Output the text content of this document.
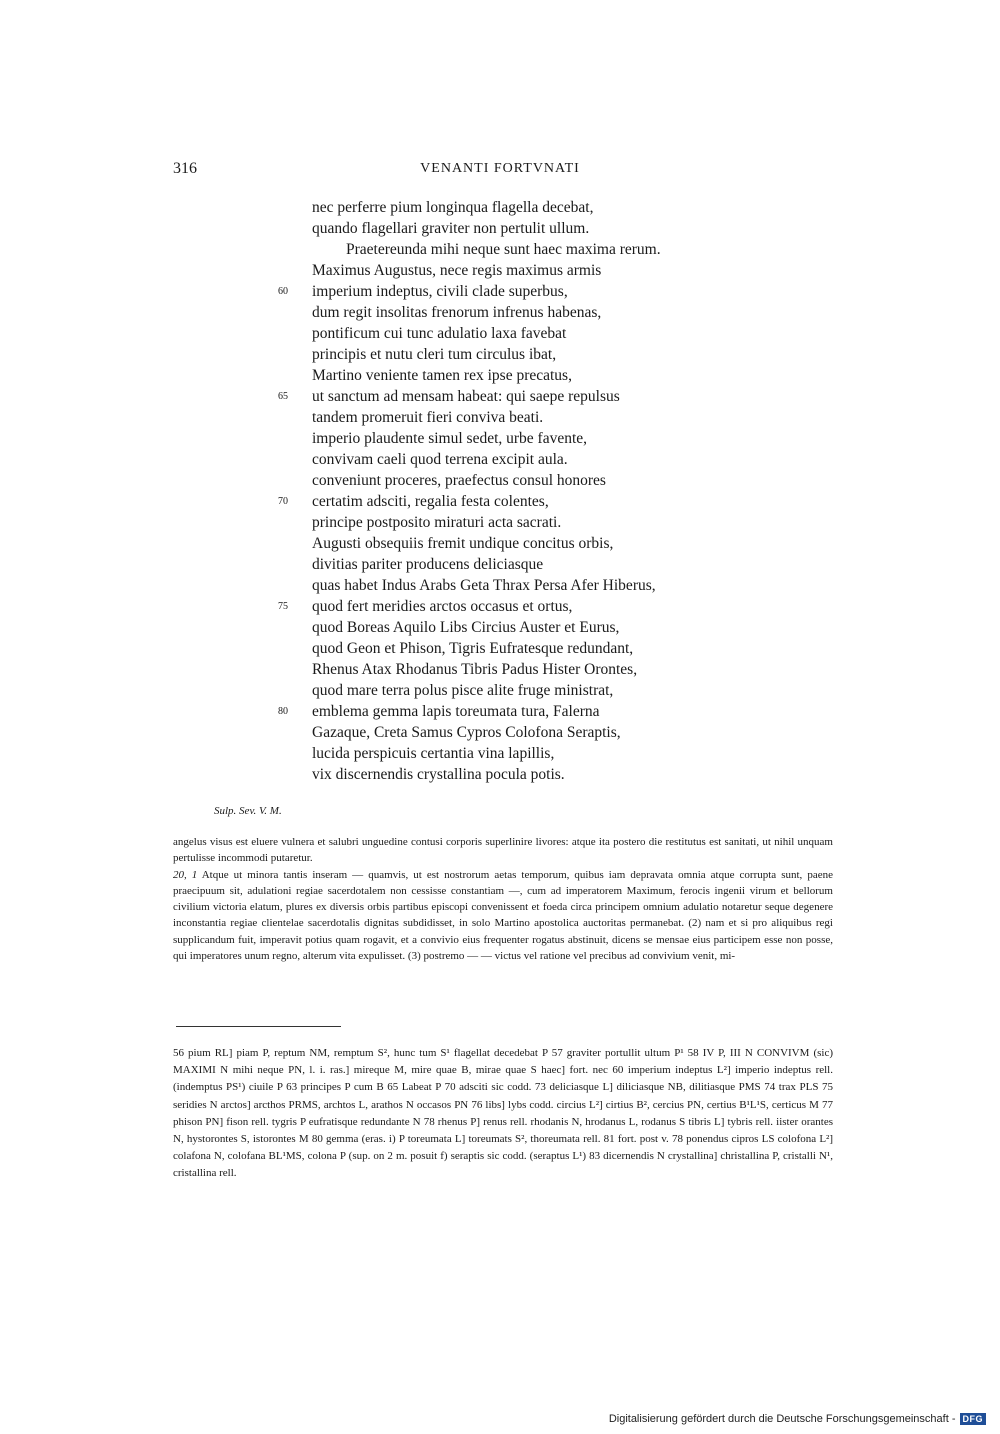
316	VENANTI FORTVNATI
nec perferre pium longinqua flagella decebat,
quando flagellari graviter non pertulit ullum.
Praetereunda mihi neque sunt haec maxima rerum.
Maximus Augustus, nece regis maximus armis
60 imperium indeptus, civili clade superbus,
dum regit insolitas frenorum infrenus habenas,
pontificum cui tunc adulatio laxa favebat
principis et nutu cleri tum circulus ibat,
Martino veniente tamen rex ipse precatus,
65 ut sanctum ad mensam habeat: qui saepe repulsus
tandem promeruit fieri conviva beati.
imperio plaudente simul sedet, urbe favente,
convivam caeli quod terrena excipit aula.
conveniunt proceres, praefectus consul honores
70 certatim adsciti, regalia festa colentes,
principe postposito miraturi acta sacrati.
Augusti obsequiis fremit undique concitus orbis,
divitias pariter producens deliciasque
quas habet Indus Arabs Geta Thrax Persa Afer Hiberus,
75 quod fert meridies arctos occasus et ortus,
quod Boreas Aquilo Libs Circius Auster et Eurus,
quod Geon et Phison, Tigris Eufratesque redundant,
Rhenus Atax Rhodanus Tibris Padus Hister Orontes,
quod mare terra polus pisce alite fruge ministrat,
80 emblema gemma lapis toreumata tura, Falerna
Gazaque, Creta Samus Cypros Colofona Seraptis,
lucida perspicuis certantia vina lapillis,
vix discernendis crystallina pocula potis.
Sulp. Sev. V. M.

angelus visus est eluere vulnera et salubri unguedine contusi corporis superlinire livores: atque ita postero die restitutus est sanitati, ut nihil unquam pertulisse incommodi putaretur.

20, 1 Atque ut minora tantis inseram — quamvis, ut est nostrorum aetas temporum, quibus iam depravata omnia atque corrupta sunt, paene praecipuum sit, adulationi regiae sacerdotalem non cessisse constantiam —, cum ad imperatorem Maximum, ferocis ingenii virum et bellorum civilium victoria elatum, plures ex diversis orbis partibus episcopi convenissent et foeda circa principem omnium adulatio notaretur seque degenere inconstantia regiae clientelae sacerdotalis dignitas subdidisset, in solo Martino apostolica auctoritas permanebat. (2) nam et si pro aliquibus regi supplicandum fuit, imperavit potius quam rogavit, et a convivio eius frequenter rogatus abstinuit, dicens se mensae eius participem esse non posse, qui imperatores unum regno, alterum vita expulisset. (3) postremo — — victus vel ratione vel precibus ad convivium venit, mi-

56 pium RL] piam P, reptum NM, remptum S², hunc tum S¹ flagellat decedebat P 57 graviter portullit ultum P¹ 58 IV P, III N CONVIVM (sic) MAXIMI N mihi neque PN, l. i. ras.] mireque M, mire quae B, mirae quae S haec] fort. nec 60 imperium indeptus L²] imperio indeptus rell. (indemptus PS¹) ciuile P 63 principes P cum B 65 Labeat P 70 adsciti sic codd. 73 deliciasque L] diliciasque NB, dilitiasque PMS 74 trax PLS 75 seridies N arctos] arcthos PRMS, archtos L, arathos N occasos PN 76 libs] lybs codd. circius L²] cirtius B², cercius PN, certius B¹L¹S, certicus M 77 phison PN] fison rell. tygris P eufratisque redundante N 78 rhenus P] renus rell. rhodanis N, hrodanus L, rodanus S tibris L] tybris rell. iister orantes N, hystorontes S, istorontes M 80 gemma (eras. i) P toreumata L] toreumats S², thoreumata rell. 81 fort. post v. 78 ponendus cipros LS colofona L²] colafona N, colofana BL¹MS, colona P (sup. on 2 m. posuit f) seraptis sic codd. (seraptus L¹) 83 dicernendis N crystallina] christallina P, cristalli N¹, cristallina rell.

Digitalisierung gefördert durch die Deutsche Forschungsgemeinschaft - DFG
